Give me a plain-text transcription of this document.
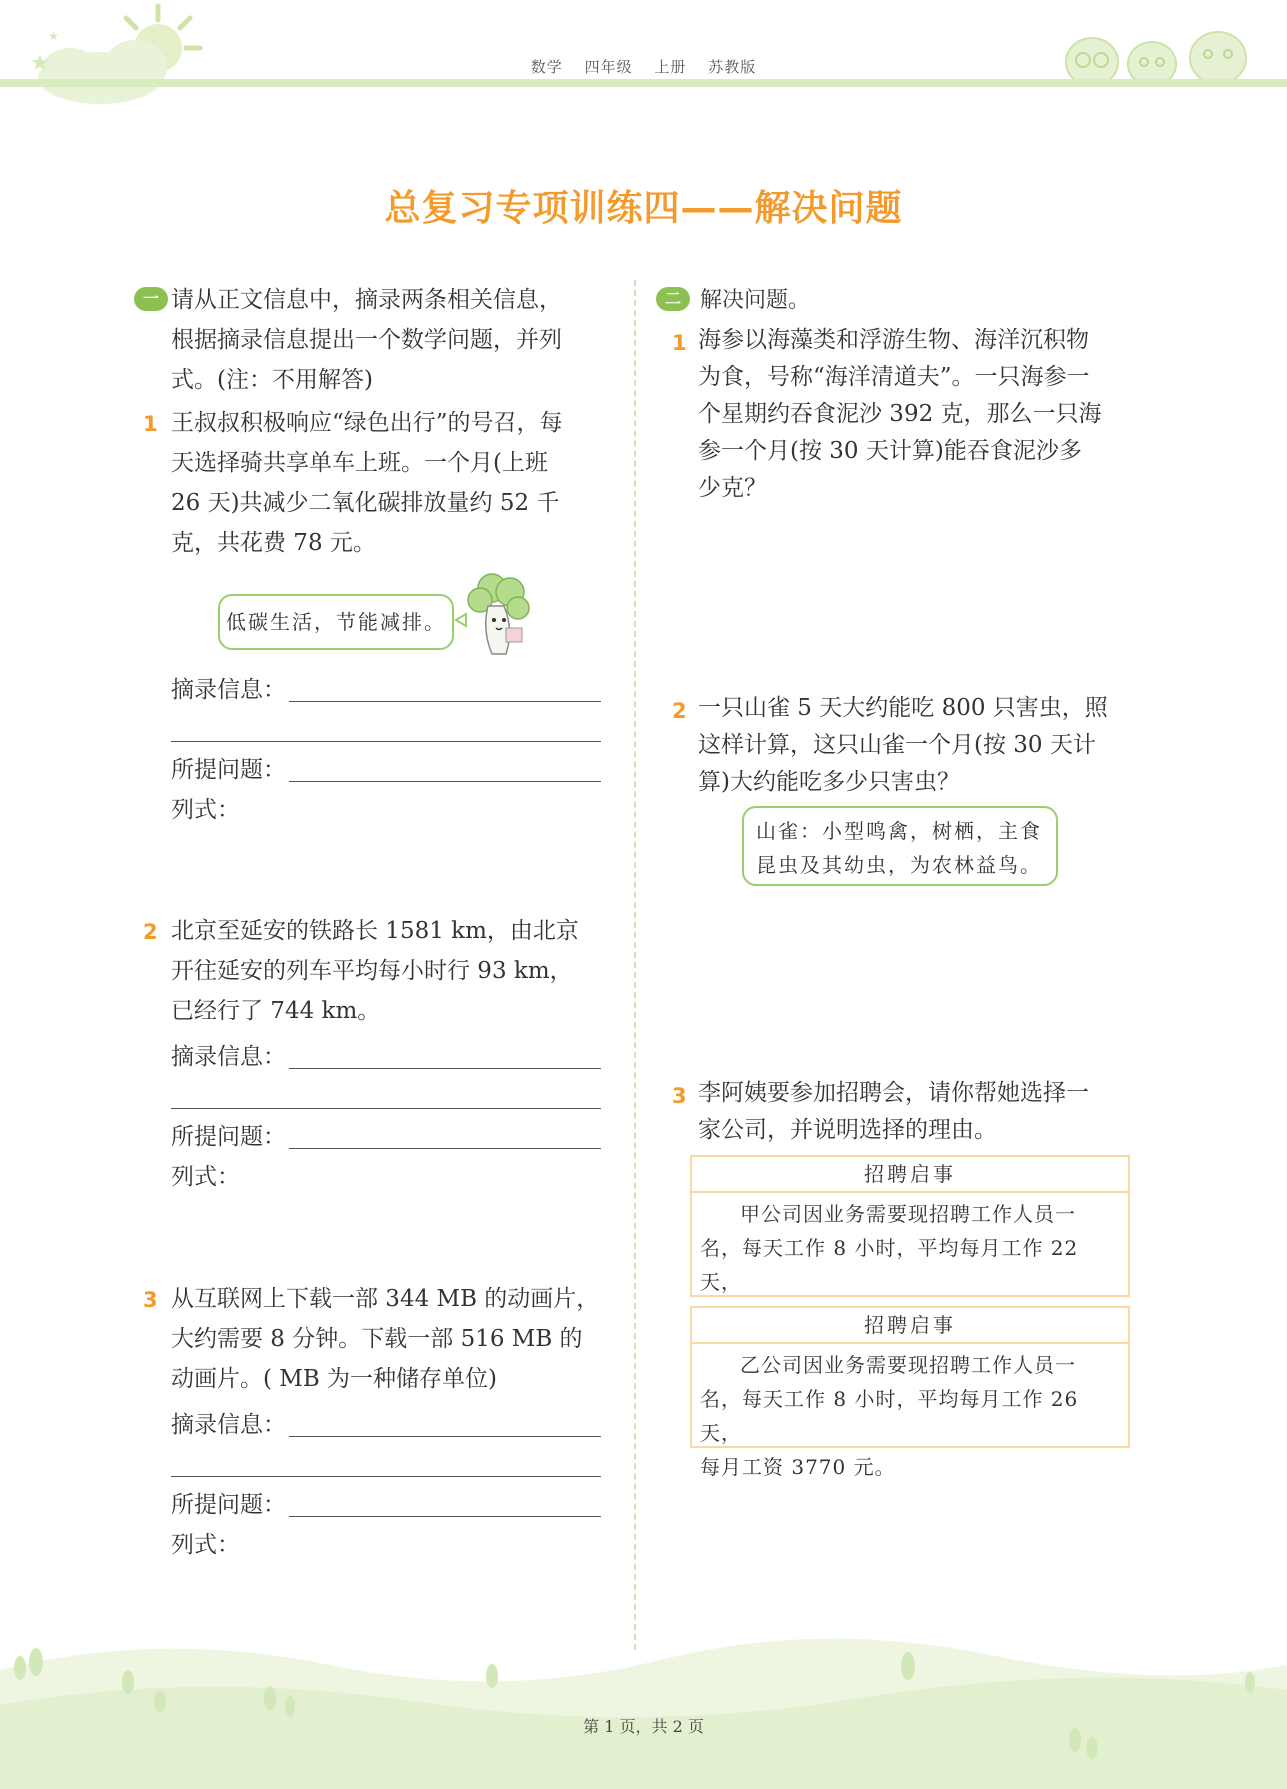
★
★
数学 四年级 上册 苏教版
总复习专项训练四——解决问题
一 请从正文信息中，摘录两条相关信息，
根据摘录信息提出一个数学问题，并列
式。(注：不用解答)
1 王叔叔积极响应“绿色出行”的号召，每
天选择骑共享单车上班。一个月(上班
26 天)共减少二氧化碳排放量约 52 千
克，共花费 78 元。
低碳生活，节能减排。
摘录信息：
所提问题：
列式：
2 北京至延安的铁路长 1581 km，由北京
开往延安的列车平均每小时行 93 km，
已经行了 744 km。
摘录信息：
所提问题：
列式：
3 从互联网上下载一部 344 MB 的动画片，
大约需要 8 分钟。下载一部 516 MB 的
动画片。( MB 为一种储存单位)
摘录信息：
所提问题：
列式：
二 解决问题。
1 海参以海藻类和浮游生物、海洋沉积物
为食，号称“海洋清道夫”。一只海参一
个星期约吞食泥沙 392 克，那么一只海
参一个月(按 30 天计算)能吞食泥沙多
少克？
2 一只山雀 5 天大约能吃 800 只害虫，照
这样计算，这只山雀一个月(按 30 天计
算)大约能吃多少只害虫？
山雀：小型鸣禽，树栖，主食
昆虫及其幼虫，为农林益鸟。
3 李阿姨要参加招聘会，请你帮她选择一
家公司，并说明选择的理由。
招聘启事
甲公司因业务需要现招聘工作人员一
名，每天工作 8 小时，平均每月工作 22 天，
招聘启事
乙公司因业务需要现招聘工作人员一
名，每天工作 8 小时，平均每月工作 26 天，
每月工资 3770 元。
第 1 页，共 2 页
